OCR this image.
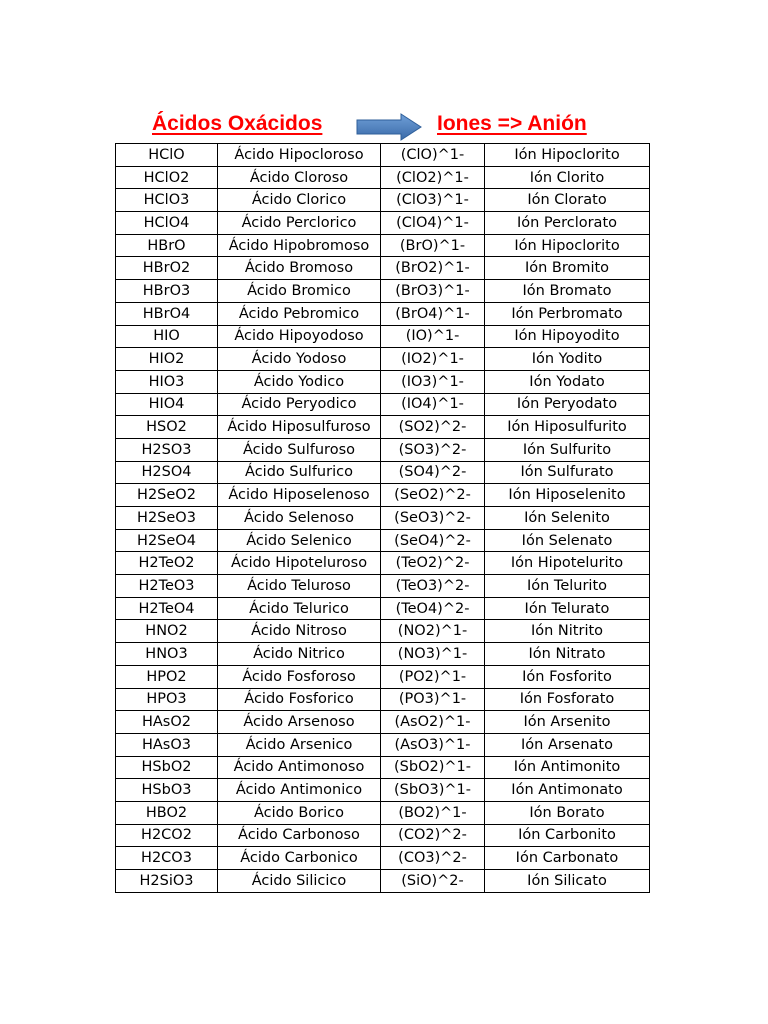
Ácidos Oxácidos	Iones => Anión
HClO	Ácido Hipocloroso	(ClO)^1-	Ión Hipoclorito
HClO2	Ácido Cloroso	(ClO2)^1-	Ión Clorito
HClO3	Ácido Clorico	(ClO3)^1-	Ión Clorato
HClO4	Ácido Perclorico	(ClO4)^1-	Ión Perclorato
HBrO	Ácido Hipobromoso	(BrO)^1-	Ión Hipoclorito
HBrO2	Ácido Bromoso	(BrO2)^1-	Ión Bromito
HBrO3	Ácido Bromico	(BrO3)^1-	Ión Bromato
HBrO4	Ácido Pebromico	(BrO4)^1-	Ión Perbromato
HIO	Ácido Hipoyodoso	(IO)^1-	Ión Hipoyodito
HIO2	Ácido Yodoso	(IO2)^1-	Ión Yodito
HIO3	Ácido Yodico	(IO3)^1-	Ión Yodato
HIO4	Ácido Peryodico	(IO4)^1-	Ión Peryodato
HSO2	Ácido Hiposulfuroso	(SO2)^2-	Ión Hiposulfurito
H2SO3	Ácido Sulfuroso	(SO3)^2-	Ión Sulfurito
H2SO4	Ácido Sulfurico	(SO4)^2-	Ión Sulfurato
H2SeO2	Ácido Hiposelenoso	(SeO2)^2-	Ión Hiposelenito
H2SeO3	Ácido Selenoso	(SeO3)^2-	Ión Selenito
H2SeO4	Ácido Selenico	(SeO4)^2-	Ión Selenato
H2TeO2	Ácido Hipoteluroso	(TeO2)^2-	Ión Hipotelurito
H2TeO3	Ácido Teluroso	(TeO3)^2-	Ión Telurito
H2TeO4	Ácido Telurico	(TeO4)^2-	Ión Telurato
HNO2	Ácido Nitroso	(NO2)^1-	Ión Nitrito
HNO3	Ácido Nitrico	(NO3)^1-	Ión Nitrato
HPO2	Ácido Fosforoso	(PO2)^1-	Ión Fosforito
HPO3	Ácido Fosforico	(PO3)^1-	Ión Fosforato
HAsO2	Ácido Arsenoso	(AsO2)^1-	Ión Arsenito
HAsO3	Ácido Arsenico	(AsO3)^1-	Ión Arsenato
HSbO2	Ácido Antimonoso	(SbO2)^1-	Ión Antimonito
HSbO3	Ácido Antimonico	(SbO3)^1-	Ión Antimonato
HBO2	Ácido Borico	(BO2)^1-	Ión Borato
H2CO2	Ácido Carbonoso	(CO2)^2-	Ión Carbonito
H2CO3	Ácido Carbonico	(CO3)^2-	Ión Carbonato
H2SiO3	Ácido Silicico	(SiO)^2-	Ión Silicato
